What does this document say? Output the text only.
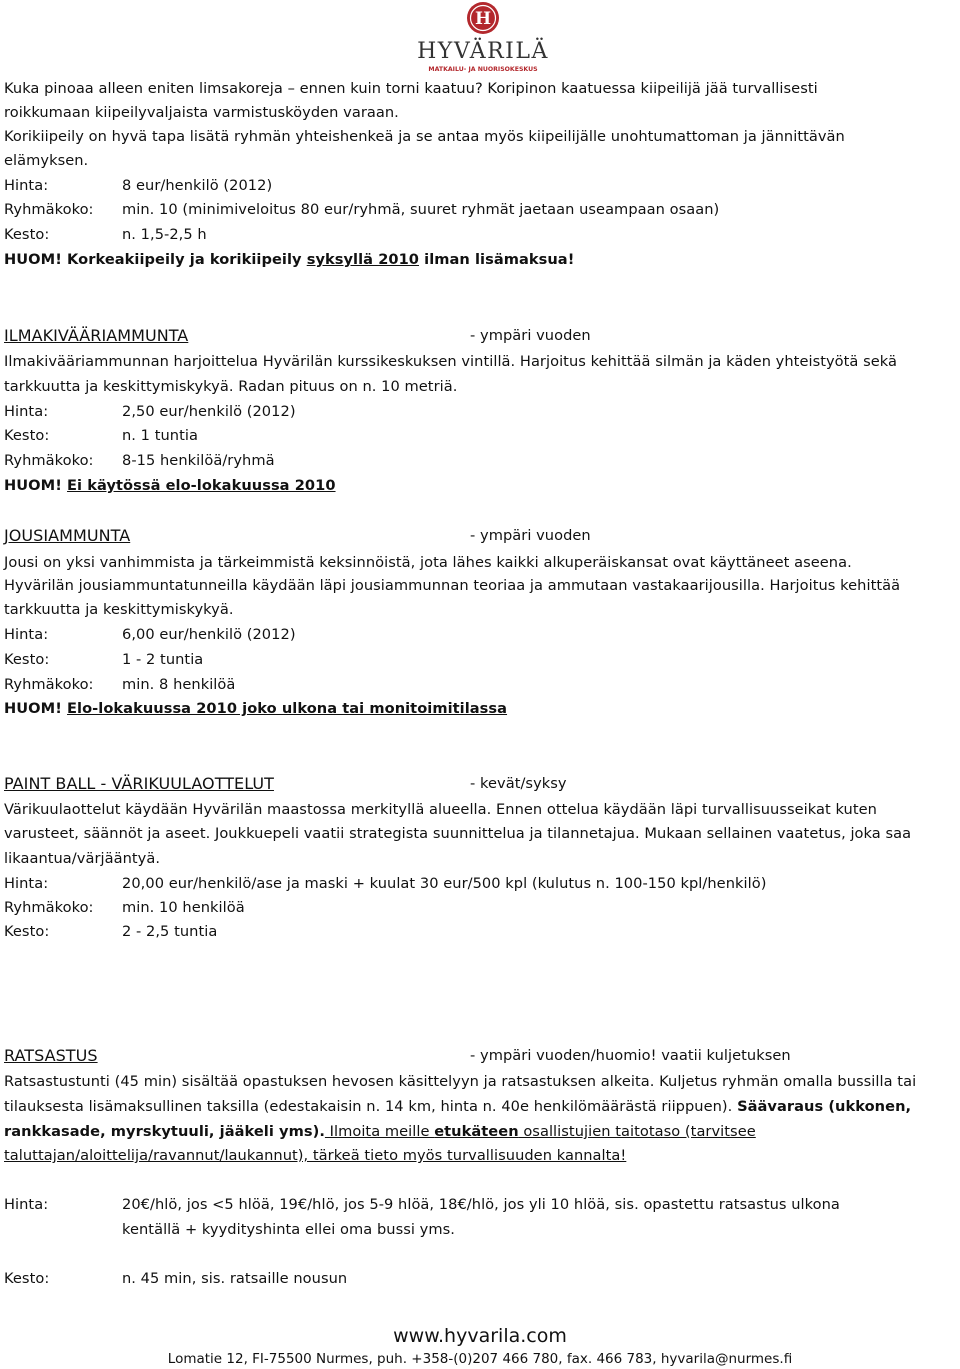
H
HYVÄRILÄ
MATKAILU- JA NUORISOKESKUS
Kuka pinoaa alleen eniten limsakoreja – ennen kuin torni kaatuu? Koripinon kaatuessa kiipeilijä jää turvallisesti
roikkumaan kiipeilyvaljaista varmistusköyden varaan.
Korikiipeily on hyvä tapa lisätä ryhmän yhteishenkeä ja se antaa myös kiipeilijälle unohtumattoman ja jännittävän
elämyksen.
Hinta:	8 eur/henkilö (2012)
Ryhmäkoko: min. 10 (minimiveloitus 80 eur/ryhmä, suuret ryhmät jaetaan useampaan osaan)
Kesto:	n. 1,5-2,5 h
HUOM! Korkeakiipeily ja korikiipeily syksyllä 2010 ilman lisämaksua!
ILMAKIVÄÄRIAMMUNTA	- ympäri vuoden
Ilmakivääriammunnan harjoittelua Hyvärilän kurssikeskuksen vintillä. Harjoitus kehittää silmän ja käden yhteistyötä sekä
tarkkuutta ja keskittymiskykyä. Radan pituus on n. 10 metriä.
Hinta:	2,50 eur/henkilö (2012)
Kesto:	n. 1 tuntia
Ryhmäkoko: 8-15 henkilöä/ryhmä
HUOM! Ei käytössä elo-lokakuussa 2010
JOUSIAMMUNTA	- ympäri vuoden
Jousi on yksi vanhimmista ja tärkeimmistä keksinnöistä, jota lähes kaikki alkuperäiskansat ovat käyttäneet aseena.
Hyvärilän jousiammuntatunneilla käydään läpi jousiammunnan teoriaa ja ammutaan vastakaarijousilla. Harjoitus kehittää
tarkkuutta ja keskittymiskykyä.
Hinta:	6,00 eur/henkilö (2012)
Kesto:	1 - 2 tuntia
Ryhmäkoko: min. 8 henkilöä
HUOM! Elo-lokakuussa 2010 joko ulkona tai monitoimitilassa
PAINT BALL - VÄRIKUULAOTTELUT	- kevät/syksy
Värikuulaottelut käydään Hyvärilän maastossa merkityllä alueella. Ennen ottelua käydään läpi turvallisuusseikat kuten
varusteet, säännöt ja aseet. Joukkuepeli vaatii strategista suunnittelua ja tilannetajua. Mukaan sellainen vaatetus, joka saa
likaantua/värjääntyä.
Hinta:	20,00 eur/henkilö/ase ja maski + kuulat 30 eur/500 kpl (kulutus n. 100-150 kpl/henkilö)
Ryhmäkoko: min. 10 henkilöä
Kesto:	2 - 2,5 tuntia
RATSASTUS	- ympäri vuoden/huomio! vaatii kuljetuksen
Ratsastustunti (45 min) sisältää opastuksen hevosen käsittelyyn ja ratsastuksen alkeita. Kuljetus ryhmän omalla bussilla tai
tilauksesta lisämaksullinen taksilla (edestakaisin n. 14 km, hinta n. 40e henkilömäärästä riippuen). Säävaraus (ukkonen,
rankkasade, myrskytuuli, jääkeli yms). Ilmoita meille etukäteen osallistujien taitotaso (tarvitsee
taluttajan/aloittelija/ravannut/laukannut), tärkeä tieto myös turvallisuuden kannalta!
Hinta:	20€/hlö, jos <5 hlöä, 19€/hlö, jos 5-9 hlöä, 18€/hlö, jos yli 10 hlöä, sis. opastettu ratsastus ulkona
kentällä + kyydityshinta ellei oma bussi yms.
Kesto:	n. 45 min, sis. ratsaille nousun
www.hyvarila.com
Lomatie 12, FI-75500 Nurmes, puh. +358-(0)207 466 780, fax. 466 783, hyvarila@nurmes.fi
